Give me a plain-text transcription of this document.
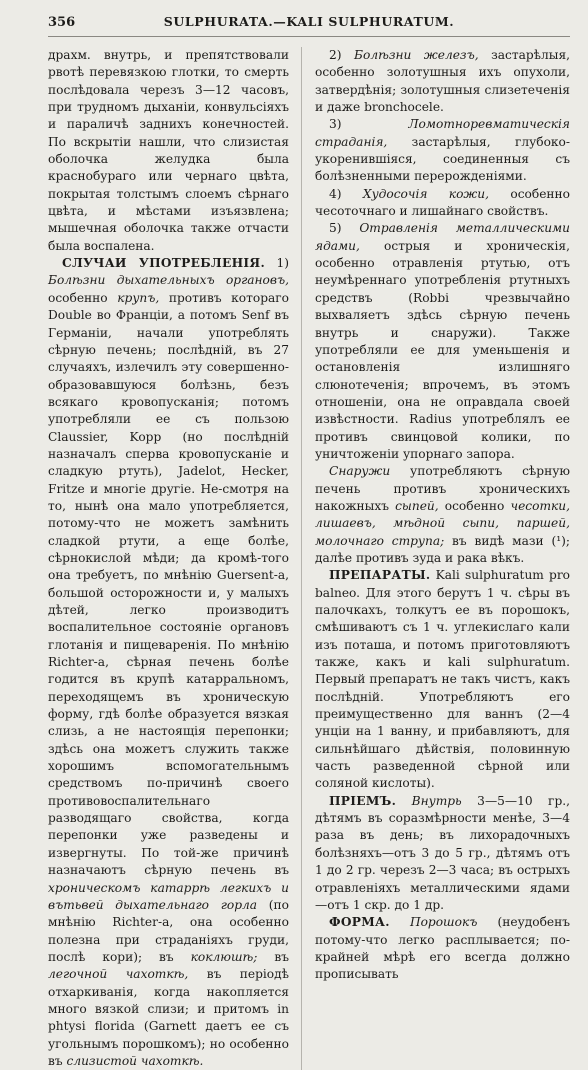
356	SULPHURATA.—KALI SULPHURATUM.

драхм. внутрь, и препятствовали рвотѣ перевязкою глотки, то смерть послѣдовала черезъ 3—12 часовъ, при трудномъ дыханіи, конвульсіяхъ и параличѣ заднихъ конечностей. По вскрытіи нашли, что слизистая оболочка желудка была краснобураго или чернаго цвѣта, покрытая толстымъ слоемъ сѣрнаго цвѣта, и мѣстами изъязвлена; мышечная оболочка также отчасти была воспалена.

СЛУЧАИ УПОТРЕБЛЕНІЯ. 1) Болѣзни дыхательныхъ органовъ, особенно крупъ, противъ котораго Double во Франціи, а потомъ Senf въ Германіи, начали употреблять сѣрную печень; послѣдній, въ 27 случаяхъ, излечилъ эту совершенно-образовавшуюся болѣзнь, безъ всякаго кровопусканія; потомъ употребляли ее съ пользою Claussier, Kopp (но послѣдній назначалъ сперва кровопусканіе и сладкую ртуть), Jadelot, Hecker, Fritze и многіе другіе. Не-смотря на то, нынѣ она мало употребляется, потому-что не можетъ замѣнить сладкой ртути, а еще болѣе, сѣрнокислой мѣди; да кромѣ-того она требуетъ, по мнѣнію Guersent-а, большой осторожности и, у малыхъ дѣтей, легко производитъ воспалительное состояніе органовъ глотанія и пищеваренія. По мнѣнію Richter-а, сѣрная печень болѣе годится въ крупѣ катарральномъ, переходящемъ въ хроническую форму, гдѣ болѣе образуется вязкая слизь, а не настоящія перепонки; здѣсь она можетъ служить также хорошимъ вспомогательнымъ средствомъ по-причинѣ своего противовоспалительнаго разводящаго свойства, когда перепонки уже разведены и извергнуты. По той-же причинѣ назначаютъ сѣрную печень въ хроническомъ катаррѣ легкихъ и вътьвей дыхательнаго горла (по мнѣнію Richter-а, она особенно полезна при страданіяхъ груди, послѣ кори); въ коклюшѣ; въ легочной чахоткѣ, въ періодѣ отхаркиванія, когда накопляется много вязкой слизи; и притомъ in phtysi florida (Garnett даетъ ее съ угольнымъ порошкомъ); но особенно въ слизистой чахоткѣ.

2) Болѣзни железъ, застарѣлыя, особенно золотушныя ихъ опухоли, затвердѣнія; золотушныя слизетеченія и даже bronchocele.

3) Ломотноревматическія страданія, застарѣлыя, глубоко-укоренившіяся, соединенныя съ болѣзненными перерожденіями.

4) Худосочія кожи, особенно чесоточнаго и лишайнаго свойствъ.

5) Отравленія металлическими ядами, острыя и хроническія, особенно отравленія ртутью, отъ неумѣреннаго употребленія ртутныхъ средствъ (Robbi чрезвычайно выхваляетъ здѣсь сѣрную печень внутрь и снаружи). Также употребляли ее для уменьшенія и остановленія излишняго слюнотеченія; впрочемъ, въ этомъ отношеніи, она не оправдала своей извѣстности. Radius употреблялъ ее противъ свинцовой колики, по уничтоженіи упорнаго запора.

Снаружи употребляютъ сѣрную печень противъ хроническихъ накожныхъ сыпей, особенно чесотки, лишаевъ, мѣдной сыпи, паршей, молочнаго струпа; въ видѣ мази (¹); далѣе противъ зуда и рака вѣкъ.

ПРЕПАРАТЫ. Kali sulphuratum pro balneo. Для этого берутъ 1 ч. сѣры въ палочкахъ, толкутъ ее въ порошокъ, смѣшиваютъ съ 1 ч. углекислаго кали изъ поташа, и потомъ приготовляютъ также, какъ и kali sulphuratum. Первый препаратъ не такъ чистъ, какъ послѣдній. Употребляютъ его преимущественно для ваннъ (2—4 унціи на 1 ванну, и прибавляютъ, для сильнѣйшаго дѣйствія, половинную часть разведенной сѣрной или соляной кислоты).

ПРІЕМЪ. Внутрь 3—5—10 гр., дѣтямъ въ соразмѣрности менѣе, 3—4 раза въ день; въ лихорадочныхъ болѣзняхъ—отъ 3 до 5 гр., дѣтямъ отъ 1 до 2 гр. черезъ 2—3 часа; въ острыхъ отравленіяхъ металлическими ядами—отъ 1 скр. до 1 др.

ФОРМА. Порошокъ (неудобенъ потому-что легко расплывается; по-крайней мѣрѣ его всегда должно прописывать
